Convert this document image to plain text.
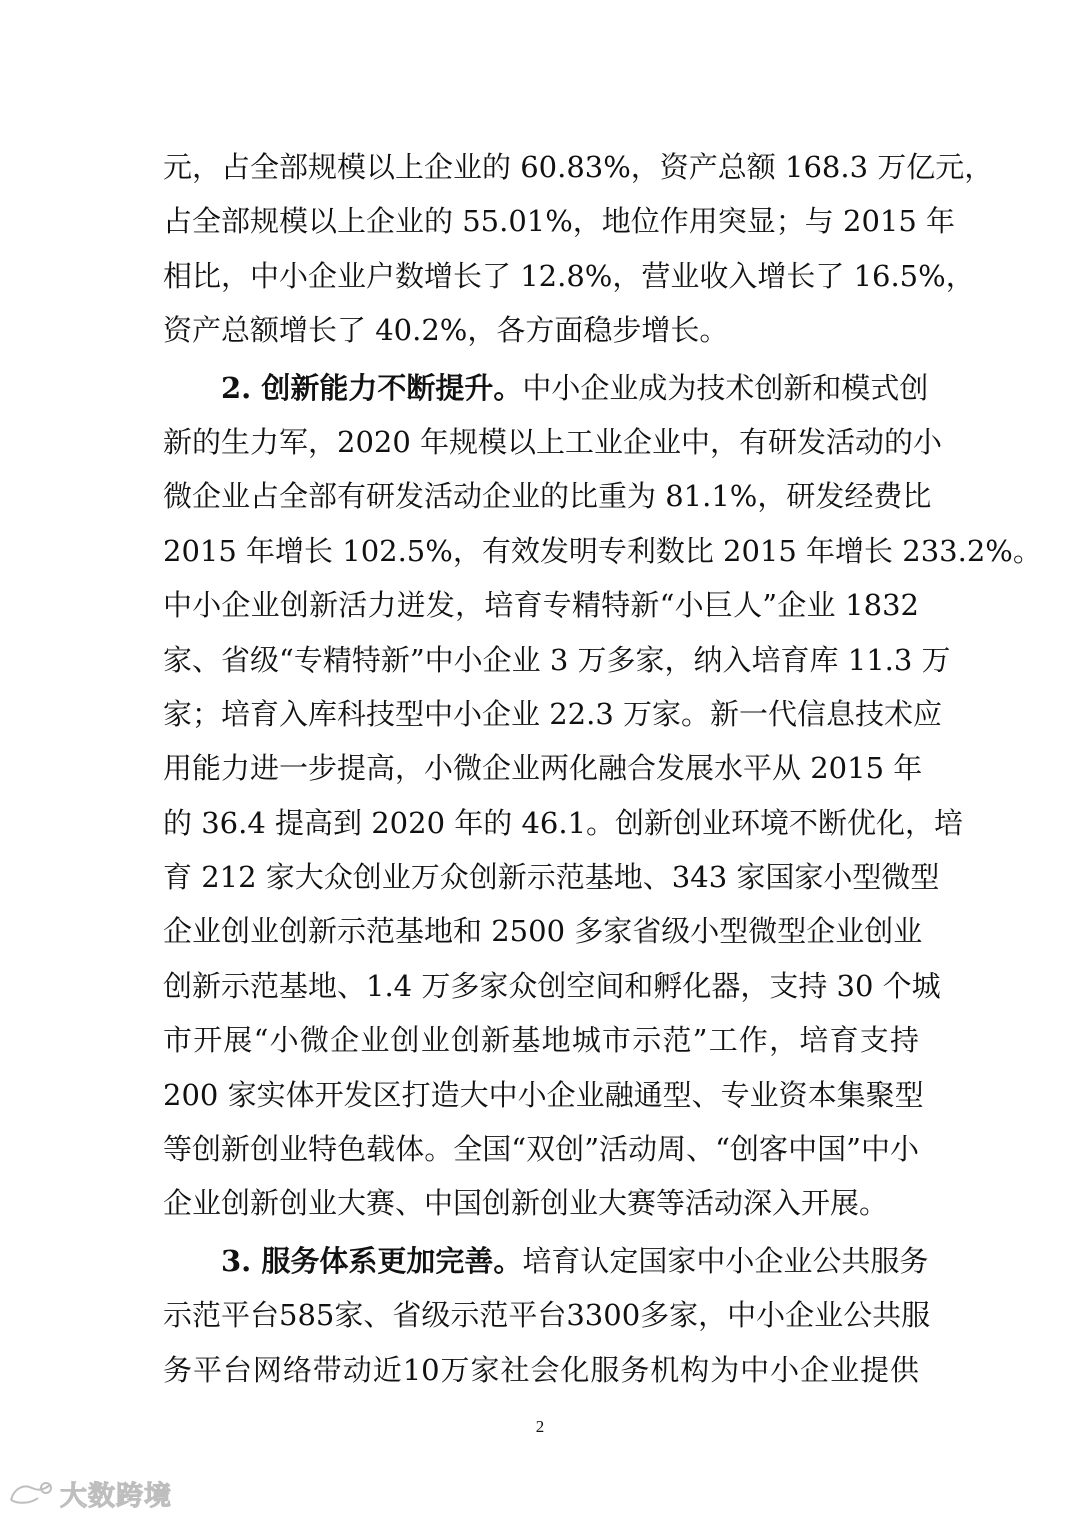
元，占全部规模以上企业的 60.83%，资产总额 168.3 万亿元，
占全部规模以上企业的 55.01%，地位作用突显；与 2015 年
相比，中小企业户数增长了 12.8%，营业收入增长了 16.5%，
资产总额增长了 40.2%，各方面稳步增长。
2. 创新能力不断提升。中小企业成为技术创新和模式创
新的生力军，2020 年规模以上工业企业中，有研发活动的小
微企业占全部有研发活动企业的比重为 81.1%，研发经费比
2015 年增长 102.5%，有效发明专利数比 2015 年增长 233.2%。
中小企业创新活力迸发，培育专精特新“小巨人”企业 1832
家、省级“专精特新”中小企业 3 万多家，纳入培育库 11.3 万
家；培育入库科技型中小企业 22.3 万家。新一代信息技术应
用能力进一步提高，小微企业两化融合发展水平从 2015 年
的 36.4 提高到 2020 年的 46.1。创新创业环境不断优化，培
育 212 家大众创业万众创新示范基地、343 家国家小型微型
企业创业创新示范基地和 2500 多家省级小型微型企业创业
创新示范基地、1.4 万多家众创空间和孵化器，支持 30 个城
市开展“小微企业创业创新基地城市示范”工作，培育支持
200 家实体开发区打造大中小企业融通型、专业资本集聚型
等创新创业特色载体。全国“双创”活动周、“创客中国”中小
企业创新创业大赛、中国创新创业大赛等活动深入开展。
3. 服务体系更加完善。培育认定国家中小企业公共服务
示范平台585家、省级示范平台3300多家，中小企业公共服
务平台网络带动近10万家社会化服务机构为中小企业提供
2
大数跨境
